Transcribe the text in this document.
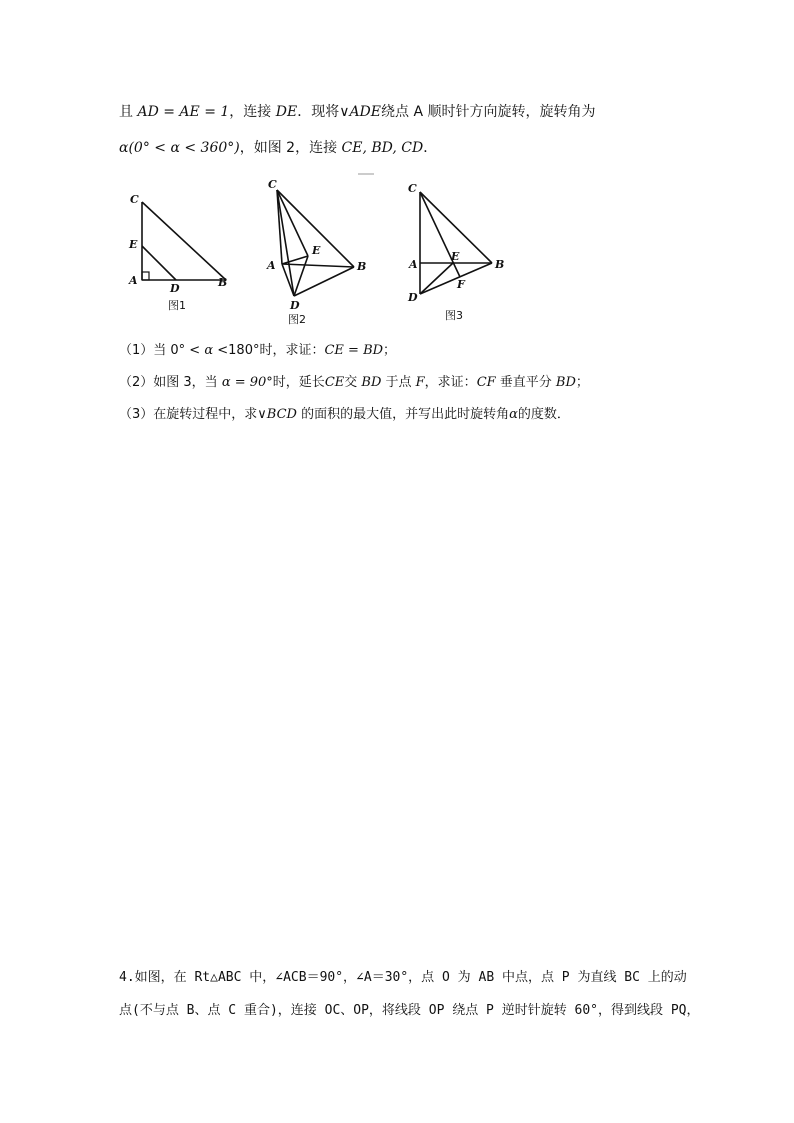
且 AD = AE = 1，连接 DE．现将∨ADE绕点 A 顺时针方向旋转，旋转角为
α(0° < α < 360°)，如图 2，连接 CE, BD, CD．
C
E
A
D	B
图1
C
E
A	B
D
图2
C
A
E
B
F
D
图3
（1）当 0° < α <180°时，求证：CE = BD；
（2）如图 3，当 α = 90°时，延长CE交 BD 于点 F，求证：CF 垂直平分 BD；
（3）在旋转过程中，求∨BCD 的面积的最大值，并写出此时旋转角α的度数．
4.如图，在 Rt△ABC 中，∠ACB＝90°，∠A＝30°，点 O 为 AB 中点，点 P 为直线 BC 上的动
点(不与点 B、点 C 重合)，连接 OC、OP，将线段 OP 绕点 P 逆时针旋转 60°，得到线段 PQ，
